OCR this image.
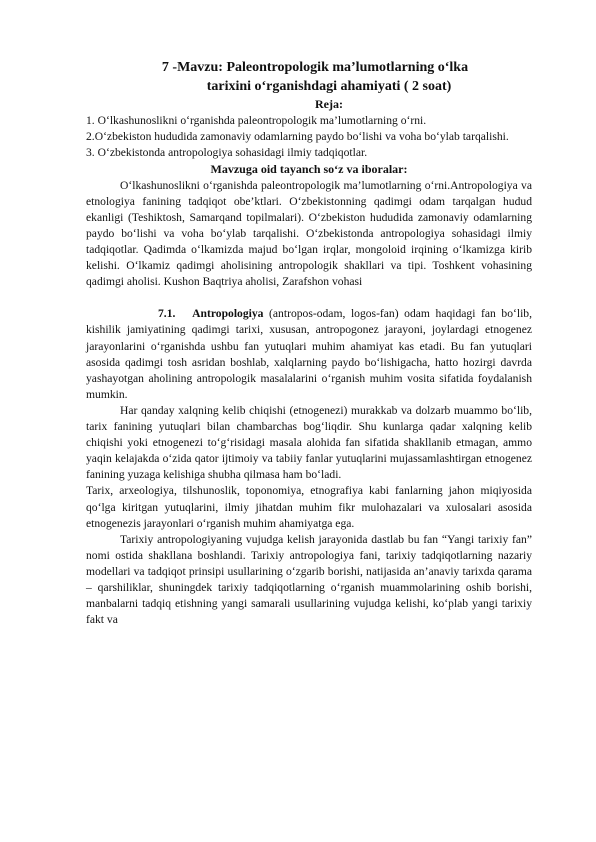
7 -Mavzu: Paleontropologik ma’lumotlarning o‘lka
tarixini o‘rganishdagi ahamiyati ( 2 soat)
Reja:

1. O‘lkashunoslikni o‘rganishda paleontropologik ma’lumotlarning o‘rni.

2.O‘zbekiston hududida zamonaviy odamlarning paydo bo‘lishi va voha bo‘ylab tarqalishi.

3. O‘zbekistonda antropologiya sohasidagi ilmiy tadqiqotlar.

Mavzuga oid tayanch so‘z va iboralar:

O‘lkashunoslikni o‘rganishda paleontropologik ma’lumotlarning o‘rni.Antropologiya va etnologiya fanining tadqiqot obe’ktlari. O‘zbekistonning qadimgi odam tarqalgan hudud ekanligi (Teshiktosh, Samarqand topilmalari). O‘zbekiston hududida zamonaviy odamlarning paydo bo‘lishi va voha bo‘ylab tarqalishi. O‘zbekistonda antropologiya sohasidagi ilmiy tadqiqotlar. Qadimda o‘lkamizda majud bo‘lgan irqlar, mongoloid irqining o‘lkamizga kirib kelishi. O‘lkamiz qadimgi aholisining antropologik shakllari va tipi. Toshkent vohasining qadimgi aholisi. Kushon Baqtriya aholisi, Zarafshon vohasi

7.1. Antropologiya (antropos-odam, logos-fan) odam haqidagi fan bo‘lib, kishilik jamiyatining qadimgi tarixi, xususan, antropogonez jarayoni, joylardagi etnogenez jarayonlarini o‘rganishda ushbu fan yutuqlari muhim ahamiyat kas etadi. Bu fan yutuqlari asosida qadimgi tosh asridan boshlab, xalqlarning paydo bo‘lishigacha, hatto hozirgi davrda yashayotgan aholining antropologik masalalarini o‘rganish muhim vosita sifatida foydalanish mumkin.

Har qanday xalqning kelib chiqishi (etnogenezi) murakkab va dolzarb muammo bo‘lib, tarix fanining yutuqlari bilan chambarchas bog‘liqdir. Shu kunlarga qadar xalqning kelib chiqishi yoki etnogenezi to‘g‘risidagi masala alohida fan sifatida shakllanib etmagan, ammo yaqin kelajakda o‘zida qator ijtimoiy va tabiiy fanlar yutuqlarini mujassamlashtirgan etnogenez fanining yuzaga kelishiga shubha qilmasa ham bo‘ladi.

Tarix, arxeologiya, tilshunoslik, toponomiya, etnografiya kabi fanlarning jahon miqiyosida qo‘lga kiritgan yutuqlarini, ilmiy jihatdan muhim fikr mulohazalari va xulosalari asosida etnogenezis jarayonlari o‘rganish muhim ahamiyatga ega.

Tarixiy antropologiyaning vujudga kelish jarayonida dastlab bu fan “Yangi tarixiy fan” nomi ostida shakllana boshlandi. Tarixiy antropologiya fani, tarixiy tadqiqotlarning nazariy modellari va tadqiqot prinsipi usullarining o‘zgarib borishi, natijasida an’anaviy tarixda qarama – qarshiliklar, shuningdek tarixiy tadqiqotlarning o‘rganish muammolarining oshib borishi, manbalarni tadqiq etishning yangi samarali usullarining vujudga kelishi, ko‘plab yangi tarixiy fakt va
